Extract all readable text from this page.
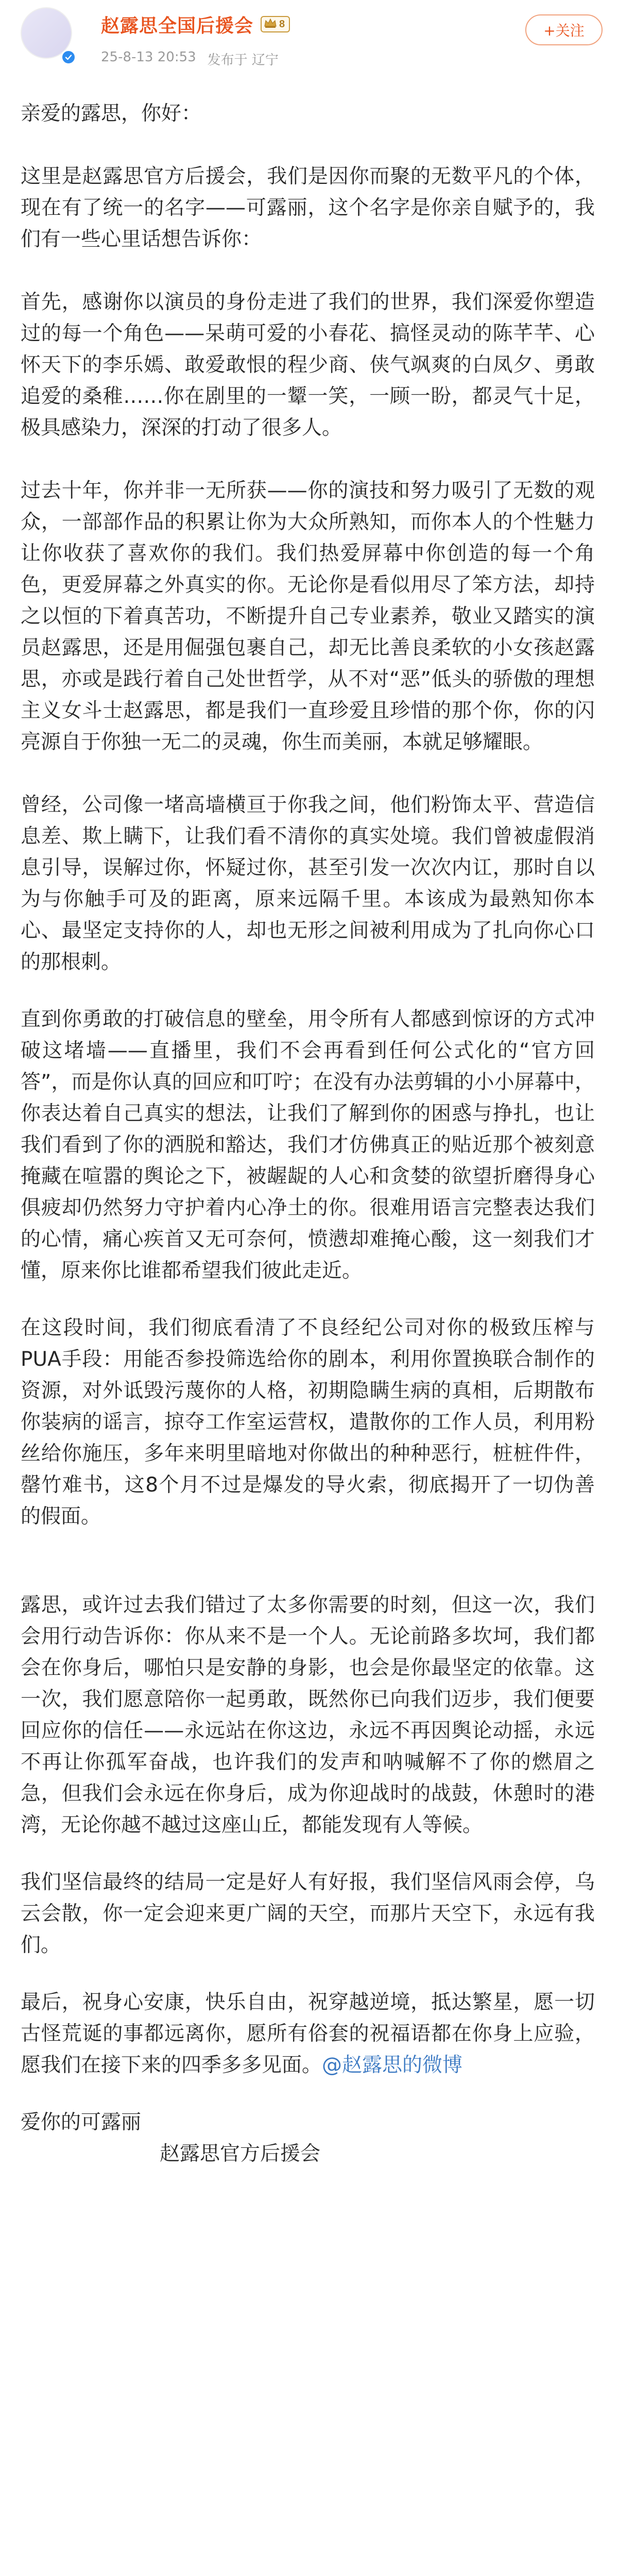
赵露思全国后援会	8
25-8-13 20:53 发布于 辽宁
+关注

亲爱的露思，你好：

这里是赵露思官方后援会，我们是因你而聚的无数平凡的个体，现在有了统一的名字——可露丽，这个名字是你亲自赋予的，我们有一些心里话想告诉你：

首先，感谢你以演员的身份走进了我们的世界，我们深爱你塑造过的每一个角色——呆萌可爱的小春花、搞怪灵动的陈芊芊、心怀天下的李乐嫣、敢爱敢恨的程少商、侠气飒爽的白凤夕、勇敢追爱的桑稚……你在剧里的一颦一笑，一顾一盼，都灵气十足，极具感染力，深深的打动了很多人。

过去十年，你并非一无所获——你的演技和努力吸引了无数的观众，一部部作品的积累让你为大众所熟知，而你本人的个性魅力让你收获了喜欢你的我们。我们热爱屏幕中你创造的每一个角色，更爱屏幕之外真实的你。无论你是看似用尽了笨方法，却持之以恒的下着真苦功，不断提升自己专业素养，敬业又踏实的演员赵露思，还是用倔强包裹自己，却无比善良柔软的小女孩赵露思，亦或是践行着自己处世哲学，从不对“恶”低头的骄傲的理想主义女斗士赵露思，都是我们一直珍爱且珍惜的那个你，你的闪亮源自于你独一无二的灵魂，你生而美丽，本就足够耀眼。

曾经，公司像一堵高墙横亘于你我之间，他们粉饰太平、营造信息差、欺上瞒下，让我们看不清你的真实处境。我们曾被虚假消息引导，误解过你，怀疑过你，甚至引发一次次内讧，那时自以为与你触手可及的距离，原来远隔千里。本该成为最熟知你本心、最坚定支持你的人，却也无形之间被利用成为了扎向你心口的那根刺。

直到你勇敢的打破信息的壁垒，用令所有人都感到惊讶的方式冲破这堵墙——直播里，我们不会再看到任何公式化的“官方回答”，而是你认真的回应和叮咛；在没有办法剪辑的小小屏幕中，你表达着自己真实的想法，让我们了解到你的困惑与挣扎，也让我们看到了你的洒脱和豁达，我们才仿佛真正的贴近那个被刻意掩藏在喧嚣的舆论之下，被龌龊的人心和贪婪的欲望折磨得身心俱疲却仍然努力守护着内心净土的你。很难用语言完整表达我们的心情，痛心疾首又无可奈何，愤懑却难掩心酸，这一刻我们才懂，原来你比谁都希望我们彼此走近。

在这段时间，我们彻底看清了不良经纪公司对你的极致压榨与PUA手段：用能否参投筛选给你的剧本，利用你置换联合制作的资源，对外诋毁污蔑你的人格，初期隐瞒生病的真相，后期散布你装病的谣言，掠夺工作室运营权，遣散你的工作人员，利用粉丝给你施压，多年来明里暗地对你做出的种种恶行，桩桩件件，罄竹难书，这8个月不过是爆发的导火索，彻底揭开了一切伪善的假面。

露思，或许过去我们错过了太多你需要的时刻，但这一次，我们会用行动告诉你：你从来不是一个人。无论前路多坎坷，我们都会在你身后，哪怕只是安静的身影，也会是你最坚定的依靠。这一次，我们愿意陪你一起勇敢，既然你已向我们迈步，我们便要回应你的信任——永远站在你这边，永远不再因舆论动摇，永远不再让你孤军奋战，也许我们的发声和呐喊解不了你的燃眉之急，但我们会永远在你身后，成为你迎战时的战鼓，休憩时的港湾，无论你越不越过这座山丘，都能发现有人等候。

我们坚信最终的结局一定是好人有好报，我们坚信风雨会停，乌云会散，你一定会迎来更广阔的天空，而那片天空下，永远有我们。

最后，祝身心安康，快乐自由，祝穿越逆境，抵达繁星，愿一切古怪荒诞的事都远离你，愿所有俗套的祝福语都在你身上应验，愿我们在接下来的四季多多见面。@赵露思的微博

爱你的可露丽

赵露思官方后援会
